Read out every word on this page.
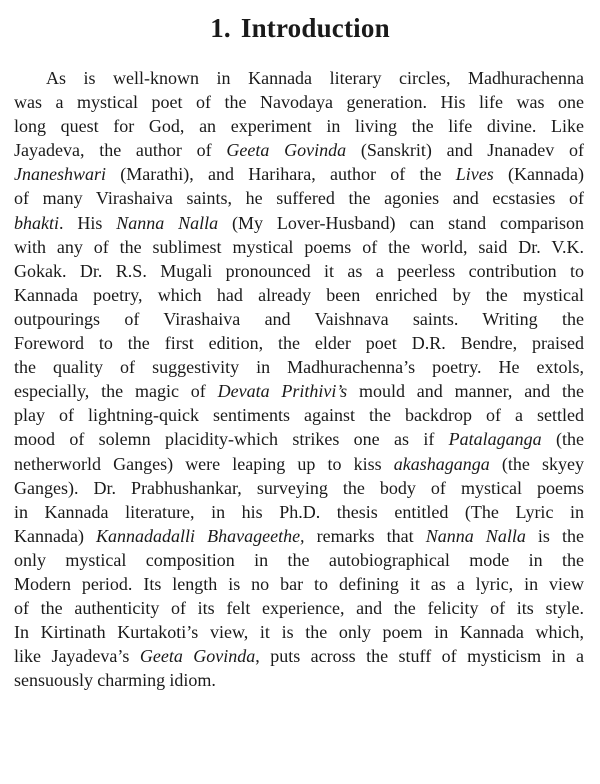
1. Introduction
As is well-known in Kannada literary circles, Madhurachenna
was a mystical poet of the Navodaya generation. His life was one
long quest for God, an experiment in living the life divine. Like
Jayadeva, the author of Geeta Govinda (Sanskrit) and Jnanadev of
Jnaneshwari (Marathi), and Harihara, author of the Lives (Kannada)
of many Virashaiva saints, he suffered the agonies and ecstasies of
bhakti. His Nanna Nalla (My Lover-Husband) can stand comparison
with any of the sublimest mystical poems of the world, said Dr. V.K.
Gokak. Dr. R.S. Mugali pronounced it as a peerless contribution to
Kannada poetry, which had already been enriched by the mystical
outpourings of Virashaiva and Vaishnava saints. Writing the
Foreword to the first edition, the elder poet D.R. Bendre, praised
the quality of suggestivity in Madhurachenna’s poetry. He extols,
especially, the magic of Devata Prithivi’s mould and manner, and the
play of lightning-quick sentiments against the backdrop of a settled
mood of solemn placidity-which strikes one as if Patalaganga (the
netherworld Ganges) were leaping up to kiss akashaganga (the skyey
Ganges). Dr. Prabhushankar, surveying the body of mystical poems
in Kannada literature, in his Ph.D. thesis entitled (The Lyric in
Kannada) Kannadadalli Bhavageethe, remarks that Nanna Nalla is the
only mystical composition in the autobiographical mode in the
Modern period. Its length is no bar to defining it as a lyric, in view
of the authenticity of its felt experience, and the felicity of its style.
In Kirtinath Kurtakoti’s view, it is the only poem in Kannada which,
like Jayadeva’s Geeta Govinda, puts across the stuff of mysticism in a
sensuously charming idiom.
